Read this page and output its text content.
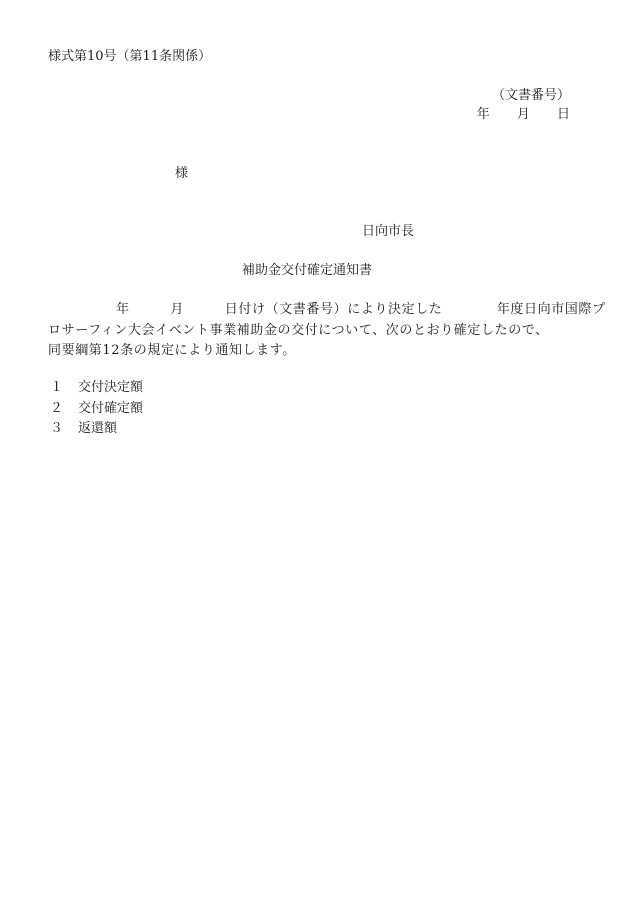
様式第10号（第11条関係）
（文書番号）
年　 月　 日
様
日向市長
補助金交付確定通知書
　　　　　年　　　月　　　日付け（文書番号）により決定した　　　　年度日向市国際プ
ロサーフィン大会イベント事業補助金の交付について、次のとおり確定したので、
同要綱第12条の規定により通知します。
１ 交付決定額
２ 交付確定額
３ 返還額
